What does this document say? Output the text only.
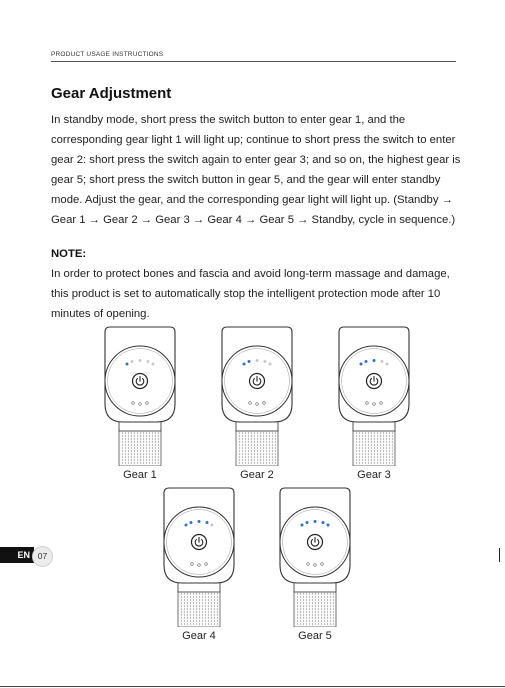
PRODUCT USAGE INSTRUCTIONS
Gear Adjustment
In standby mode, short press the switch button to enter gear 1, and the corresponding gear light 1 will light up; continue to short press the switch to enter gear 2: short press the switch again to enter gear 3; and so on, the highest gear is gear 5; short press the switch button in gear 5, and the gear will enter standby mode. Adjust the gear, and the corresponding gear light will light up. (Standby → Gear 1 → Gear 2 → Gear 3 → Gear 4 → Gear 5 → Standby, cycle in sequence.)
NOTE:
In order to protect bones and fascia and avoid long-term massage and damage, this product is set to automatically stop the intelligent protection mode after 10 minutes of opening.
Gear 1	Gear 2	Gear 3
Gear 4	Gear 5
EN 07
